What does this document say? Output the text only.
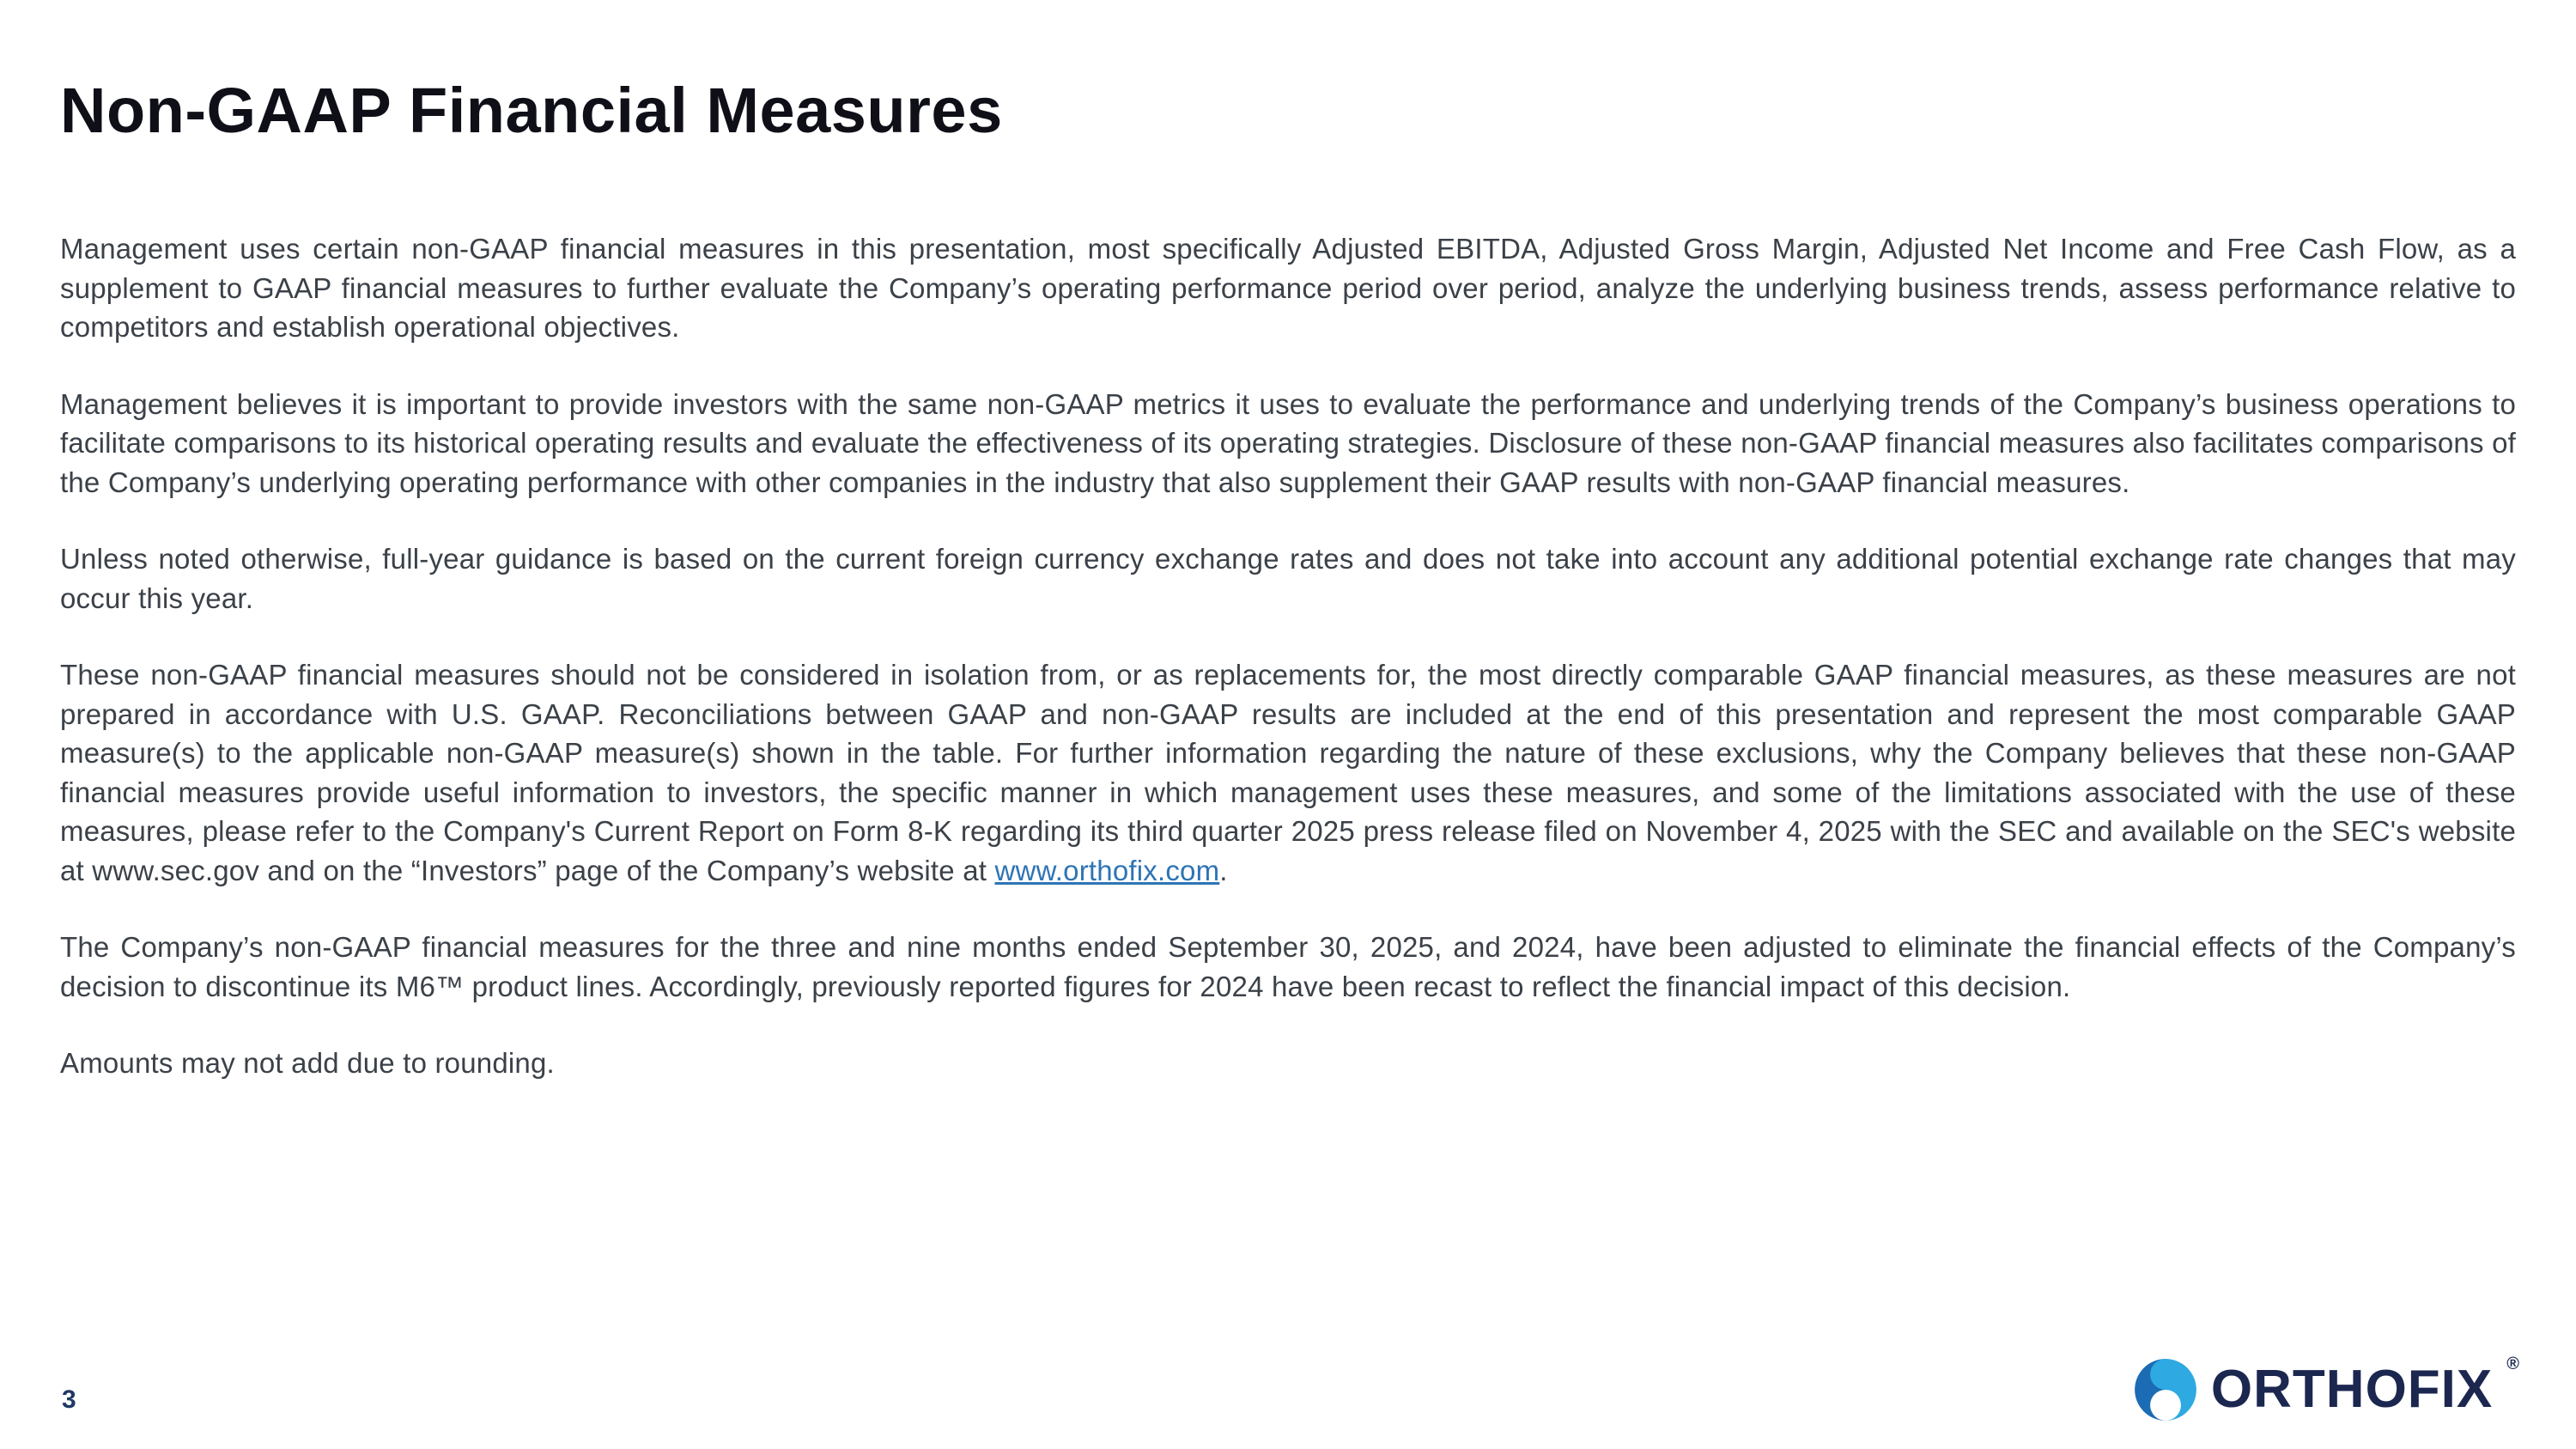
Non-GAAP Financial Measures

Management uses certain non-GAAP financial measures in this presentation, most specifically Adjusted EBITDA, Adjusted Gross Margin, Adjusted Net Income and Free Cash Flow, as a supplement to GAAP financial measures to further evaluate the Company’s operating performance period over period, analyze the underlying business trends, assess performance relative to competitors and establish operational objectives.

Management believes it is important to provide investors with the same non-GAAP metrics it uses to evaluate the performance and underlying trends of the Company’s business operations to facilitate comparisons to its historical operating results and evaluate the effectiveness of its operating strategies. Disclosure of these non-GAAP financial measures also facilitates comparisons of the Company’s underlying operating performance with other companies in the industry that also supplement their GAAP results with non-GAAP financial measures.

Unless noted otherwise, full-year guidance is based on the current foreign currency exchange rates and does not take into account any additional potential exchange rate changes that may occur this year.

These non-GAAP financial measures should not be considered in isolation from, or as replacements for, the most directly comparable GAAP financial measures, as these measures are not prepared in accordance with U.S. GAAP. Reconciliations between GAAP and non-GAAP results are included at the end of this presentation and represent the most comparable GAAP measure(s) to the applicable non-GAAP measure(s) shown in the table. For further information regarding the nature of these exclusions, why the Company believes that these non-GAAP financial measures provide useful information to investors, the specific manner in which management uses these measures, and some of the limitations associated with the use of these measures, please refer to the Company's Current Report on Form 8-K regarding its third quarter 2025 press release filed on November 4, 2025 with the SEC and available on the SEC's website at www.sec.gov and on the “Investors” page of the Company’s website at www.orthofix.com.

The Company’s non-GAAP financial measures for the three and nine months ended September 30, 2025, and 2024, have been adjusted to eliminate the financial effects of the Company’s decision to discontinue its M6™ product lines. Accordingly, previously reported figures for 2024 have been recast to reflect the financial impact of this decision.

Amounts may not add due to rounding.

3	ORTHOFIX ®
